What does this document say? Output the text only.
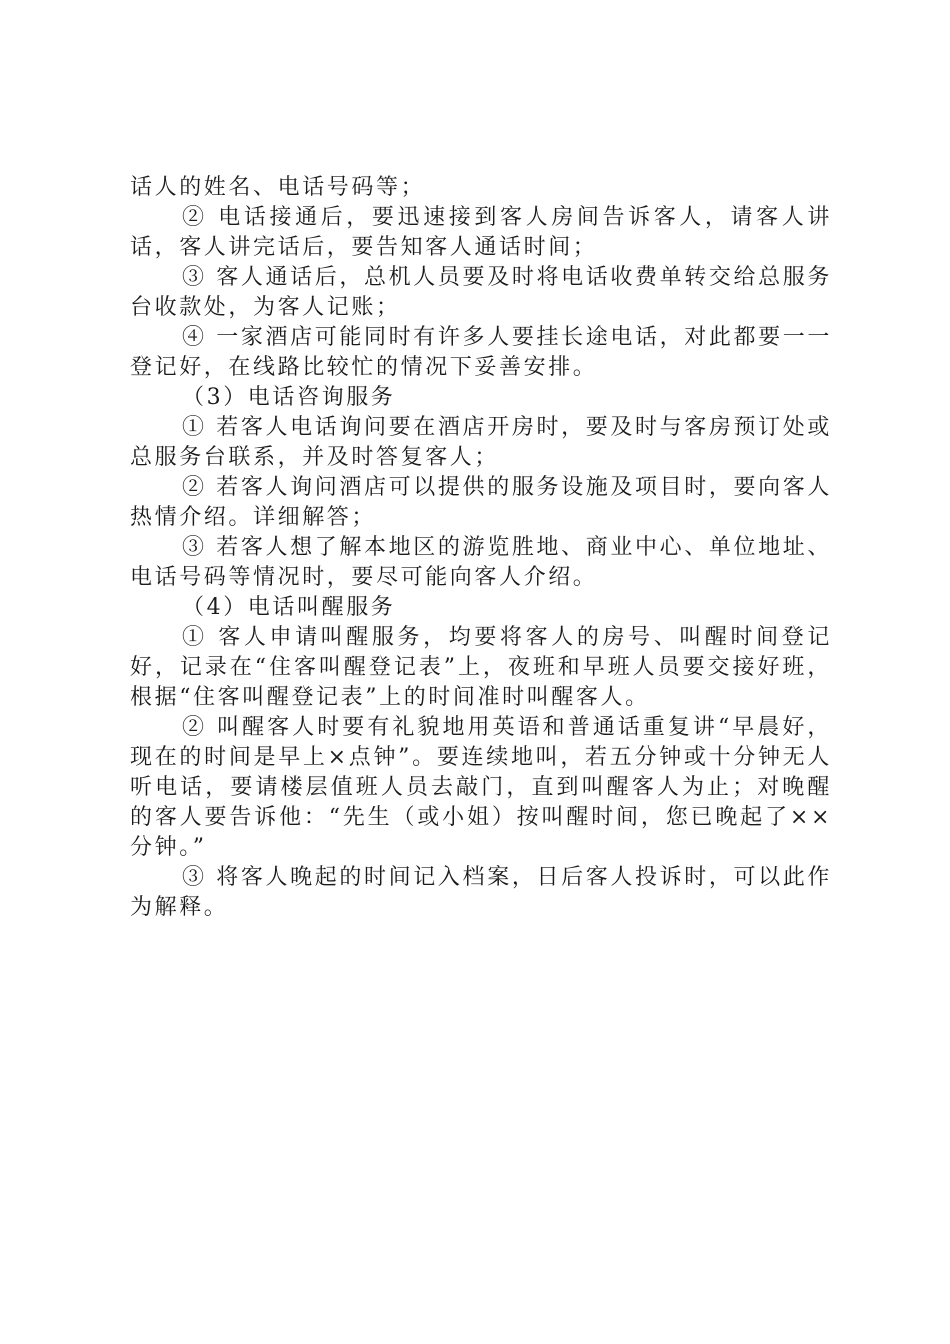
话人的姓名、电话号码等；

② 电话接通后，要迅速接到客人房间告诉客人，请客人讲话，客人讲完话后，要告知客人通话时间；

③ 客人通话后，总机人员要及时将电话收费单转交给总服务台收款处，为客人记账；

④ 一家酒店可能同时有许多人要挂长途电话，对此都要一一登记好，在线路比较忙的情况下妥善安排。

（3）电话咨询服务

① 若客人电话询问要在酒店开房时，要及时与客房预订处或总服务台联系，并及时答复客人；

② 若客人询问酒店可以提供的服务设施及项目时，要向客人热情介绍。详细解答；

③ 若客人想了解本地区的游览胜地、商业中心、单位地址、电话号码等情况时，要尽可能向客人介绍。

（4）电话叫醒服务

① 客人申请叫醒服务，均要将客人的房号、叫醒时间登记好，记录在“住客叫醒登记表”上，夜班和早班人员要交接好班，根据“住客叫醒登记表”上的时间准时叫醒客人。

② 叫醒客人时要有礼貌地用英语和普通话重复讲“早晨好，现在的时间是早上×点钟”。要连续地叫，若五分钟或十分钟无人听电话，要请楼层值班人员去敲门，直到叫醒客人为止；对晚醒的客人要告诉他：“先生（或小姐）按叫醒时间，您已晚起了××分钟。”

③ 将客人晚起的时间记入档案，日后客人投诉时，可以此作为解释。
